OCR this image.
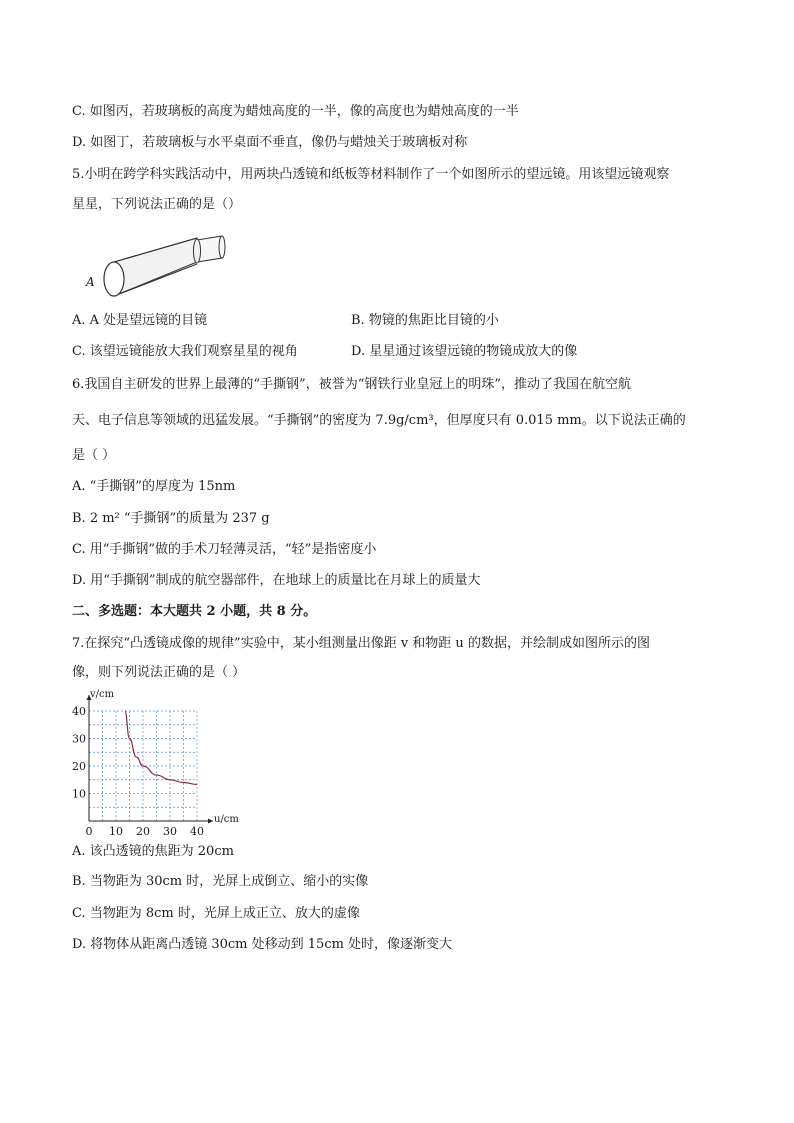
C. 如图丙，若玻璃板的高度为蜡烛高度的一半，像的高度也为蜡烛高度的一半
D. 如图丁，若玻璃板与水平桌面不垂直，像仍与蜡烛关于玻璃板对称
5.小明在跨学科实践活动中，用两块凸透镜和纸板等材料制作了一个如图所示的望远镜。用该望远镜观察
星星，下列说法正确的是（）
A
A. A 处是望远镜的目镜	B. 物镜的焦距比目镜的小
C. 该望远镜能放大我们观察星星的视角	D. 星星通过该望远镜的物镜成放大的像
6.我国自主研发的世界上最薄的“手撕钢”，被誉为“钢铁行业皇冠上的明珠”，推动了我国在航空航
天、电子信息等领域的迅猛发展。“手撕钢”的密度为 7.9g/cm³，但厚度只有 0.015 mm。以下说法正确的
是（ ）
A. “手撕钢”的厚度为 15nm
B. 2 m² “手撕钢”的质量为 237 g
C. 用“手撕钢”做的手术刀轻薄灵活，“轻”是指密度小
D. 用“手撕钢”制成的航空器部件，在地球上的质量比在月球上的质量大
二、多选题：本大题共 2 小题，共 8 分。
7.在探究“凸透镜成像的规律”实验中，某小组测量出像距 v 和物距 u 的数据，并绘制成如图所示的图
像，则下列说法正确的是（ ）
0 10 20 30 40
10
20
30
40
v/cm
u/cm
A. 该凸透镜的焦距为 20cm
B. 当物距为 30cm 时，光屏上成倒立、缩小的实像
C. 当物距为 8cm 时，光屏上成正立、放大的虚像
D. 将物体从距离凸透镜 30cm 处移动到 15cm 处时，像逐渐变大
